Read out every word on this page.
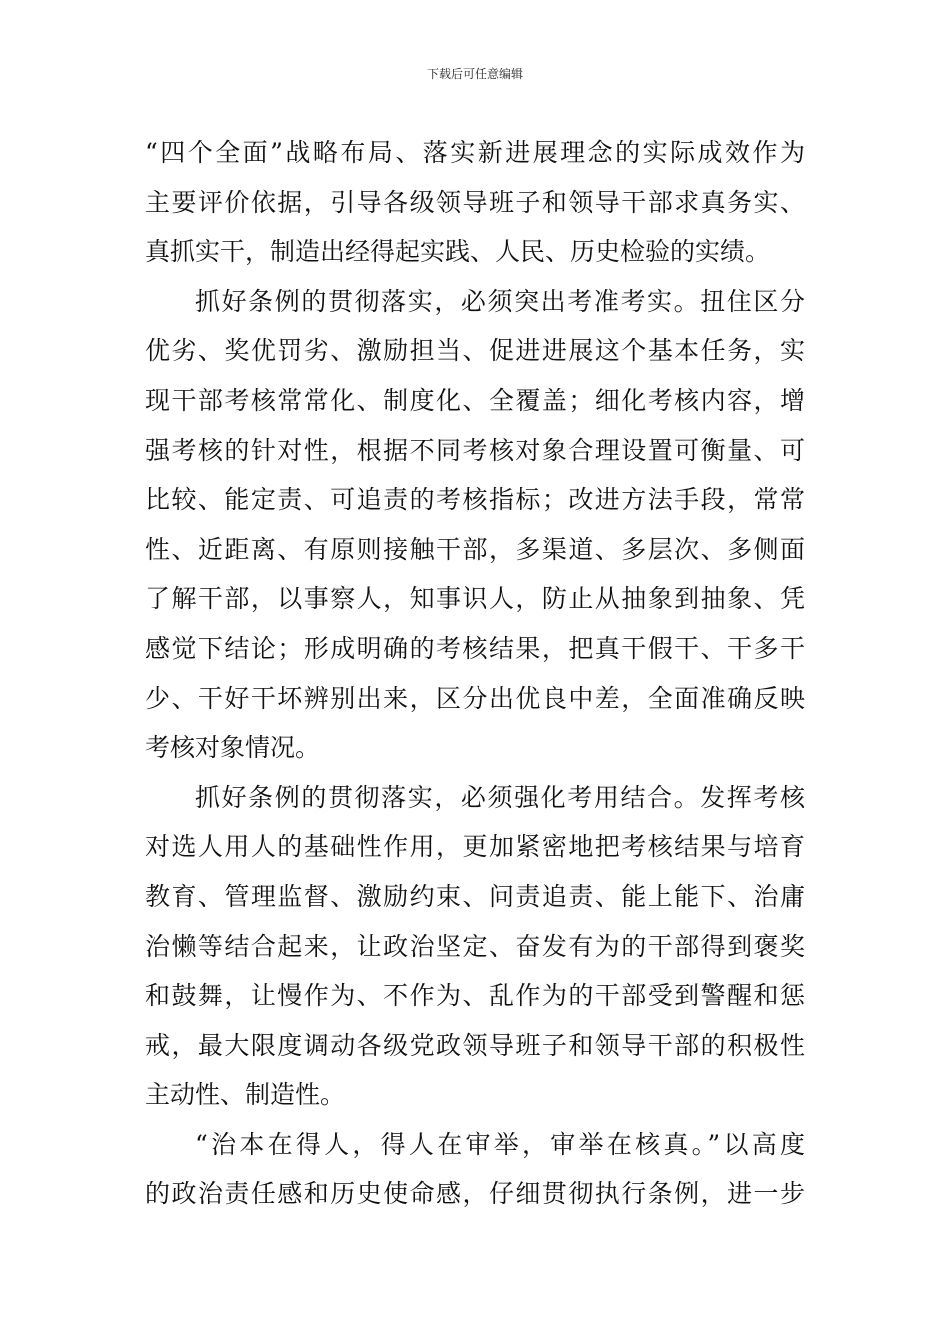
下载后可任意编辑
“四个全面”战略布局、落实新进展理念的实际成效作为
主要评价依据，引导各级领导班子和领导干部求真务实、
真抓实干，制造出经得起实践、人民、历史检验的实绩。
抓好条例的贯彻落实，必须突出考准考实。扭住区分
优劣、奖优罚劣、激励担当、促进进展这个基本任务，实
现干部考核常常化、制度化、全覆盖；细化考核内容，增
强考核的针对性，根据不同考核对象合理设置可衡量、可
比较、能定责、可追责的考核指标；改进方法手段，常常
性、近距离、有原则接触干部，多渠道、多层次、多侧面
了解干部，以事察人，知事识人，防止从抽象到抽象、凭
感觉下结论；形成明确的考核结果，把真干假干、干多干
少、干好干坏辨别出来，区分出优良中差，全面准确反映
考核对象情况。
抓好条例的贯彻落实，必须强化考用结合。发挥考核
对选人用人的基础性作用，更加紧密地把考核结果与培育
教育、管理监督、激励约束、问责追责、能上能下、治庸
治懒等结合起来，让政治坚定、奋发有为的干部得到褒奖
和鼓舞，让慢作为、不作为、乱作为的干部受到警醒和惩
戒，最大限度调动各级党政领导班子和领导干部的积极性
主动性、制造性。
“治本在得人，得人在审举，审举在核真。”以高度
的政治责任感和历史使命感，仔细贯彻执行条例，进一步
